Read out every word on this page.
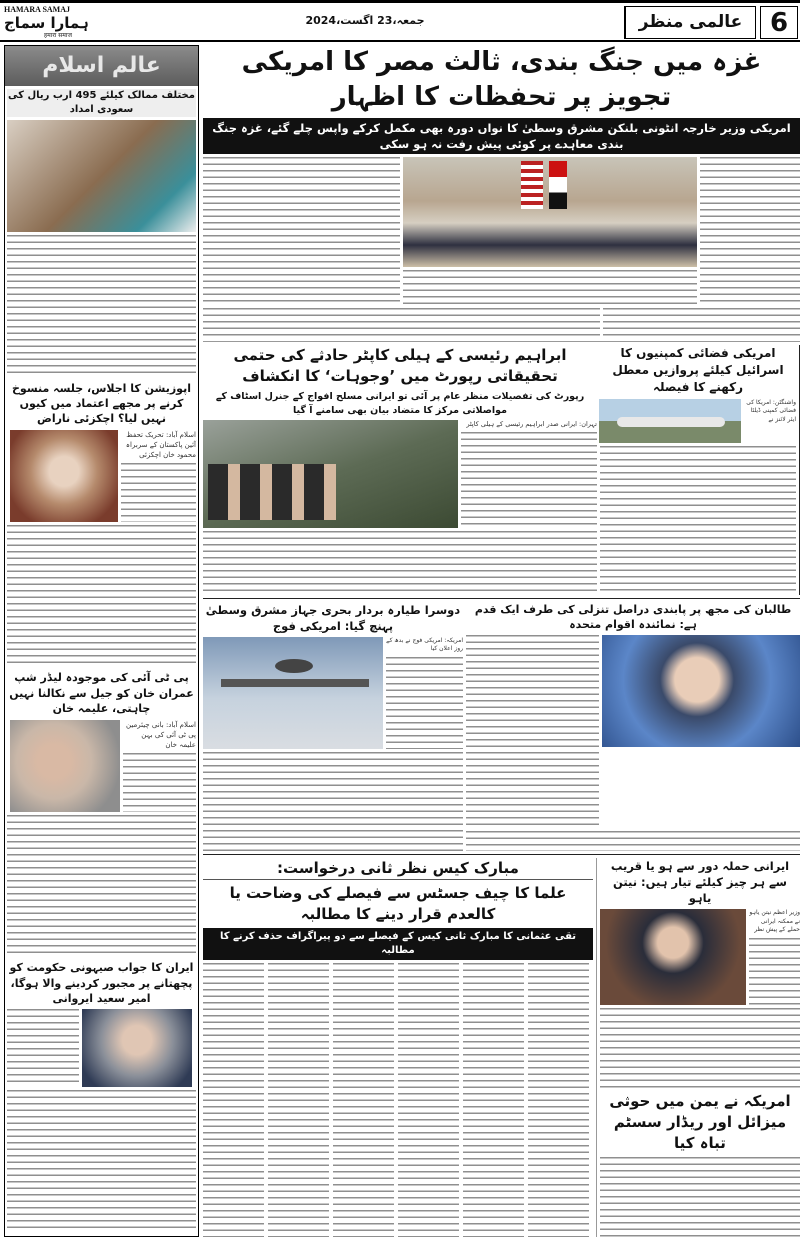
HAMARA SAMAJ
ہمارا سماج
हमारा समाज
جمعہ،23 اگست،2024	عالمی منظر 6
عالم اسلام
مختلف ممالک کیلئے 495 ارب ریال کی سعودی امداد
اپوزیشن کا اجلاس، جلسہ منسوخ کرنے پر مجھے اعتماد میں کیوں نہیں لیا؟ اچکزئی ناراض
اسلام آباد: تحریک تحفظ آئین پاکستان کے سربراہ محمود خان اچکزئی
پی ٹی آئی کی موجودہ لیڈر شپ عمران خان کو جیل سے نکالنا نہیں چاہتی، علیمہ خان
اسلام آباد: بانی چیئرمین پی ٹی آئی کی بہن علیمہ خان
ایران کا جواب صیہونی حکومت کو پچھتانے پر مجبور کردینے والا ہوگا، امیر سعید ایروانی
غزہ میں جنگ بندی، ثالث مصر کا امریکی تجویز پر تحفظات کا اظہار
امریکی وزیر خارجہ انٹونی بلنکن مشرق وسطیٰ کا نواں دورہ بھی مکمل کرکے واپس چلے گئے، غزہ جنگ بندی معاہدے پر کوئی پیش رفت نہ ہو سکی
امریکی فضائی کمپنیوں کا اسرائیل کیلئے پروازیں معطل رکھنے کا فیصلہ
واشنگٹن: امریکا کی فضائی کمپنی ڈیلٹا ایئر لائنز نے
ابراہیم رئیسی کے ہیلی کاپٹر حادثے کی حتمی تحقیقاتی رپورٹ میں ’وجوہات‘ کا انکشاف
رپورٹ کی تفصیلات منظر عام پر آئی تو ایرانی مسلح افواج کے جنرل اسٹاف کے مواصلاتی مرکز کا متضاد بیان بھی سامنے آ گیا
تہران: ایرانی صدر ابراہیم رئیسی کے ہیلی کاپٹر
طالبان کی مجھ پر پابندی دراصل تنزلی کی طرف ایک قدم ہے: نمائندہ اقوام متحدہ
دوسرا طیارہ بردار بحری جہاز مشرق وسطیٰ پہنچ گیا: امریکی فوج
امریکہ: امریکی فوج نے بدھ کے روز اعلان کیا
ایرانی حملہ دور سے ہو یا قریب سے ہر چیز کیلئے تیار ہیں: نیتن یاہو
وزیر اعظم نیتن یاہو نے ممکنہ ایرانی حملے کے پیش نظر
امریکہ نے یمن میں حوثی میزائل اور ریڈار سسٹم تباہ کیا
مبارک کیس نظر ثانی درخواست:
علما کا چیف جسٹس سے فیصلے کی وضاحت یا کالعدم قرار دینے کا مطالبہ
تقی عثمانی کا مبارک ثانی کیس کے فیصلے سے دو پیراگراف حذف کرنے کا مطالبہ
